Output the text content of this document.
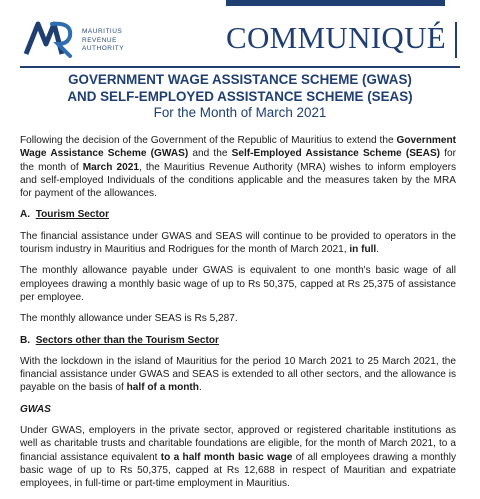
MAURITIUS
REVENUE
AUTHORITY	COMMUNIQUÉ
GOVERNMENT WAGE ASSISTANCE SCHEME (GWAS)
AND SELF-EMPLOYED ASSISTANCE SCHEME (SEAS)
For the Month of March 2021

Following the decision of the Government of the Republic of Mauritius to extend the Government Wage Assistance Scheme (GWAS) and the Self-Employed Assistance Scheme (SEAS) for the month of March 2021, the Mauritius Revenue Authority (MRA) wishes to inform employers and self-employed Individuals of the conditions applicable and the measures taken by the MRA for payment of the allowances.

A. Tourism Sector

The financial assistance under GWAS and SEAS will continue to be provided to operators in the tourism industry in Mauritius and Rodrigues for the month of March 2021, in full.

The monthly allowance payable under GWAS is equivalent to one month's basic wage of all employees drawing a monthly basic wage of up to Rs 50,375, capped at Rs 25,375 of assistance per employee.

The monthly allowance under SEAS is Rs 5,287.

B. Sectors other than the Tourism Sector

With the lockdown in the island of Mauritius for the period 10 March 2021 to 25 March 2021, the financial assistance under GWAS and SEAS is extended to all other sectors, and the allowance is payable on the basis of half of a month.

GWAS

Under GWAS, employers in the private sector, approved or registered charitable institutions as well as charitable trusts and charitable foundations are eligible, for the month of March 2021, to a financial assistance equivalent to a half month basic wage of all employees drawing a monthly basic wage of up to Rs 50,375, capped at Rs 12,688 in respect of Mauritian and expatriate employees, in full-time or part-time employment in Mauritius.
